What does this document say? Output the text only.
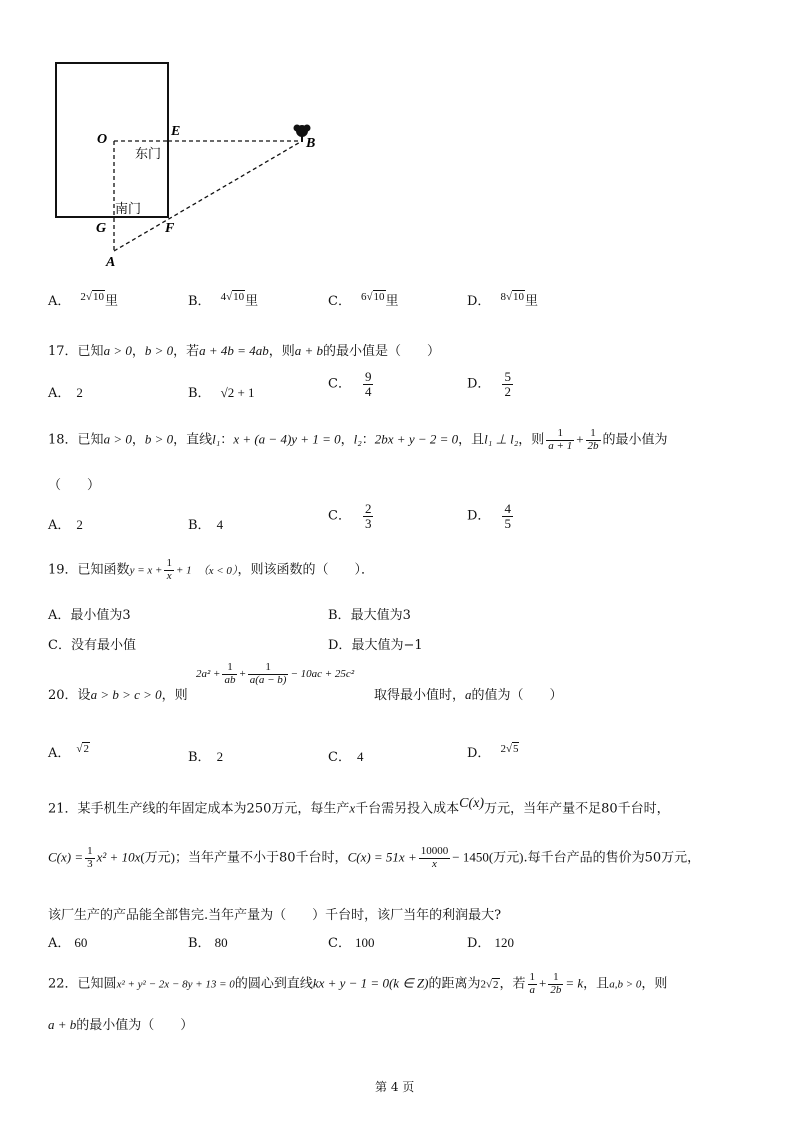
O
E
B
G	F
A
东门
南门
A． $^{2√10}$里	B． $^{4√10}$里	C． $^{6√10}$里	D． $^{8√10}$里
17．已知a > 0，b > 0，若a + 4b = 4ab，则a + b的最小值是（　　）
A． 2	B． √2 + 1
C． $\frac{9}{4}$	D． $\frac{5}{2}$
18．已知a > 0，b > 0，直线l₁：x + (a − 4)y + 1 = 0，l₂：2bx + y − 2 = 0，且l₁ ⊥ l₂，则 $\frac{1}{a + 1} + \frac{1}{2b}$ 的最小值为
（　　）
A． 2	B． 4
C． $\frac{2}{3}$	D． $\frac{4}{5}$
19．已知函数$y = x + \frac{1}{x} + 1$ （x < 0），则该函数的（　　）．
A．最小值为3	B．最大值为3
C．没有最小值	D．最大值为−1
20．设a > b > c > 0，则
$2a^2 + \frac{1}{ab} + \frac{1}{a(a - b)} - 10ac + 25c^2$
取得最小值时，a的值为（　　）
A． $^{√2}$
B． 2	C． 4	D． $^{2√5}$
21．某手机生产线的年固定成本为250万元，每生产x千台需另投入成本$^{C(x)}$万元，当年产量不足80千台时，
$C(x) = \frac{1}{3} x^2 + 10x$(万元)；当年产量不小于80千台时，$C(x) = 51x + \frac{10000}{x} - 1450$(万元).每千台产品的售价为50万元，
该厂生产的产品能全部售完.当年产量为（　　）千台时，该厂当年的利润最大?
A． 60	B． 80	C． 100	D． 120
22．已知圆x² + y² − 2x − 8y + 13 = 0的圆心到直线kx + y − 1 = 0(k ∈ Z)的距离为2√2，若 $\frac{1}{a} + \frac{1}{2b} = k$，且a,b > 0，则
a + b的最小值为（　　）
第 4 页
